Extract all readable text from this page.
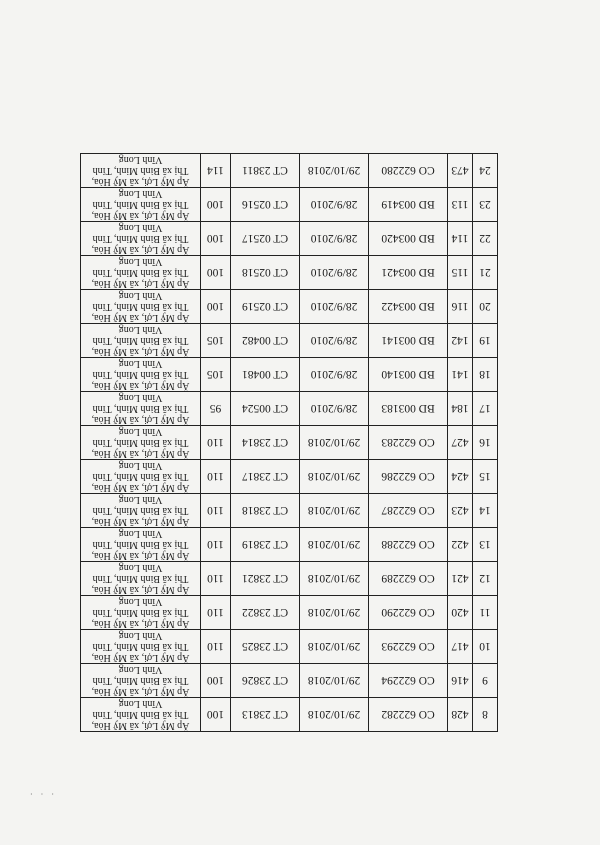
8	428	CO 622282	29/10/2018	CT 23813	100	Ấp Mỹ Lợi, xã Mỹ Hòa, Thị xã Bình Minh, Tỉnh Vĩnh Long
9	416	CO 622294	29/10/2018	CT 23826	100	Ấp Mỹ Lợi, xã Mỹ Hòa, Thị xã Bình Minh, Tỉnh Vĩnh Long
10	417	CO 622293	29/10/2018	CT 23825	110	Ấp Mỹ Lợi, xã Mỹ Hòa, Thị xã Bình Minh, Tỉnh Vĩnh Long
11	420	CO 622290	29/10/2018	CT 23822	110	Ấp Mỹ Lợi, xã Mỹ Hòa, Thị xã Bình Minh, Tỉnh Vĩnh Long
12	421	CO 622289	29/10/2018	CT 23821	110	Ấp Mỹ Lợi, xã Mỹ Hòa, Thị xã Bình Minh, Tỉnh Vĩnh Long
13	422	CO 622288	29/10/2018	CT 23819	110	Ấp Mỹ Lợi, xã Mỹ Hòa, Thị xã Bình Minh, Tỉnh Vĩnh Long
14	423	CO 622287	29/10/2018	CT 23818	110	Ấp Mỹ Lợi, xã Mỹ Hòa, Thị xã Bình Minh, Tỉnh Vĩnh Long
15	424	CO 622286	29/10/2018	CT 23817	110	Ấp Mỹ Lợi, xã Mỹ Hòa, Thị xã Bình Minh, Tỉnh Vĩnh Long
16	427	CO 622283	29/10/2018	CT 23814	110	Ấp Mỹ Lợi, xã Mỹ Hòa, Thị xã Bình Minh, Tỉnh Vĩnh Long
17	184	BD 003183	28/9/2010	CT 00524	95	Ấp Mỹ Lợi, xã Mỹ Hòa, Thị xã Bình Minh, Tỉnh Vĩnh Long
18	141	BD 003140	28/9/2010	CT 00481	105	Ấp Mỹ Lợi, xã Mỹ Hòa, Thị xã Bình Minh, Tỉnh Vĩnh Long
19	142	BD 003141	28/9/2010	CT 00482	105	Ấp Mỹ Lợi, xã Mỹ Hòa, Thị xã Bình Minh, Tỉnh Vĩnh Long
20	116	BD 003422	28/9/2010	CT 02519	100	Ấp Mỹ Lợi, xã Mỹ Hòa, Thị xã Bình Minh, Tỉnh Vĩnh Long
21	115	BD 003421	28/9/2010	CT 02518	100	Ấp Mỹ Lợi, xã Mỹ Hòa, Thị xã Bình Minh, Tỉnh Vĩnh Long
22	114	BD 003420	28/9/2010	CT 02517	100	Ấp Mỹ Lợi, xã Mỹ Hòa, Thị xã Bình Minh, Tỉnh Vĩnh Long
23	113	BD 003419	28/9/2010	CT 02516	100	Ấp Mỹ Lợi, xã Mỹ Hòa, Thị xã Bình Minh, Tỉnh Vĩnh Long
24	473	CO 622280	29/10/2018	CT 23811	114	Ấp Mỹ Lợi, xã Mỹ Hòa, Thị xã Bình Minh, Tỉnh Vĩnh Long
· · ·
